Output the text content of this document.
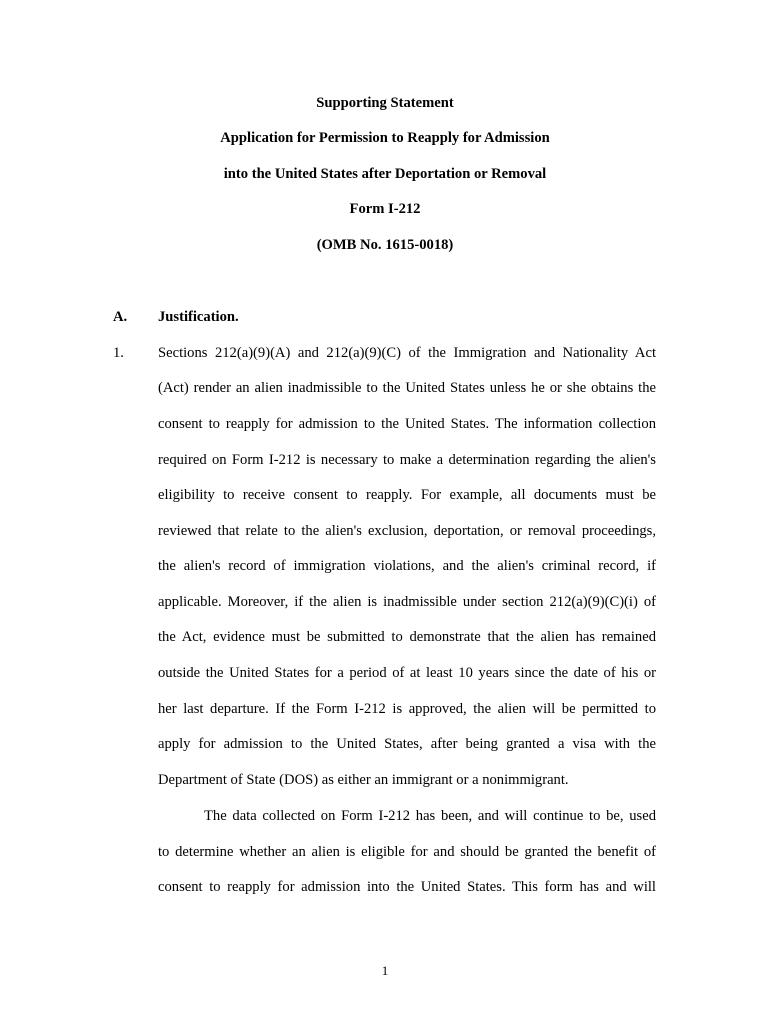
Supporting Statement
Application for Permission to Reapply for Admission
into the United States after Deportation or Removal
Form I-212
(OMB No. 1615-0018)
A. Justification.
1. Sections 212(a)(9)(A) and 212(a)(9)(C) of the Immigration and Nationality Act
(Act) render an alien inadmissible to the United States unless he or she obtains the
consent to reapply for admission to the United States. The information collection
required on Form I-212 is necessary to make a determination regarding the alien's
eligibility to receive consent to reapply. For example, all documents must be
reviewed that relate to the alien's exclusion, deportation, or removal proceedings,
the alien's record of immigration violations, and the alien's criminal record, if
applicable. Moreover, if the alien is inadmissible under section 212(a)(9)(C)(i) of
the Act, evidence must be submitted to demonstrate that the alien has remained
outside the United States for a period of at least 10 years since the date of his or
her last departure. If the Form I-212 is approved, the alien will be permitted to
apply for admission to the United States, after being granted a visa with the
Department of State (DOS) as either an immigrant or a nonimmigrant.
The data collected on Form I-212 has been, and will continue to be, used
to determine whether an alien is eligible for and should be granted the benefit of
consent to reapply for admission into the United States. This form has and will
1
